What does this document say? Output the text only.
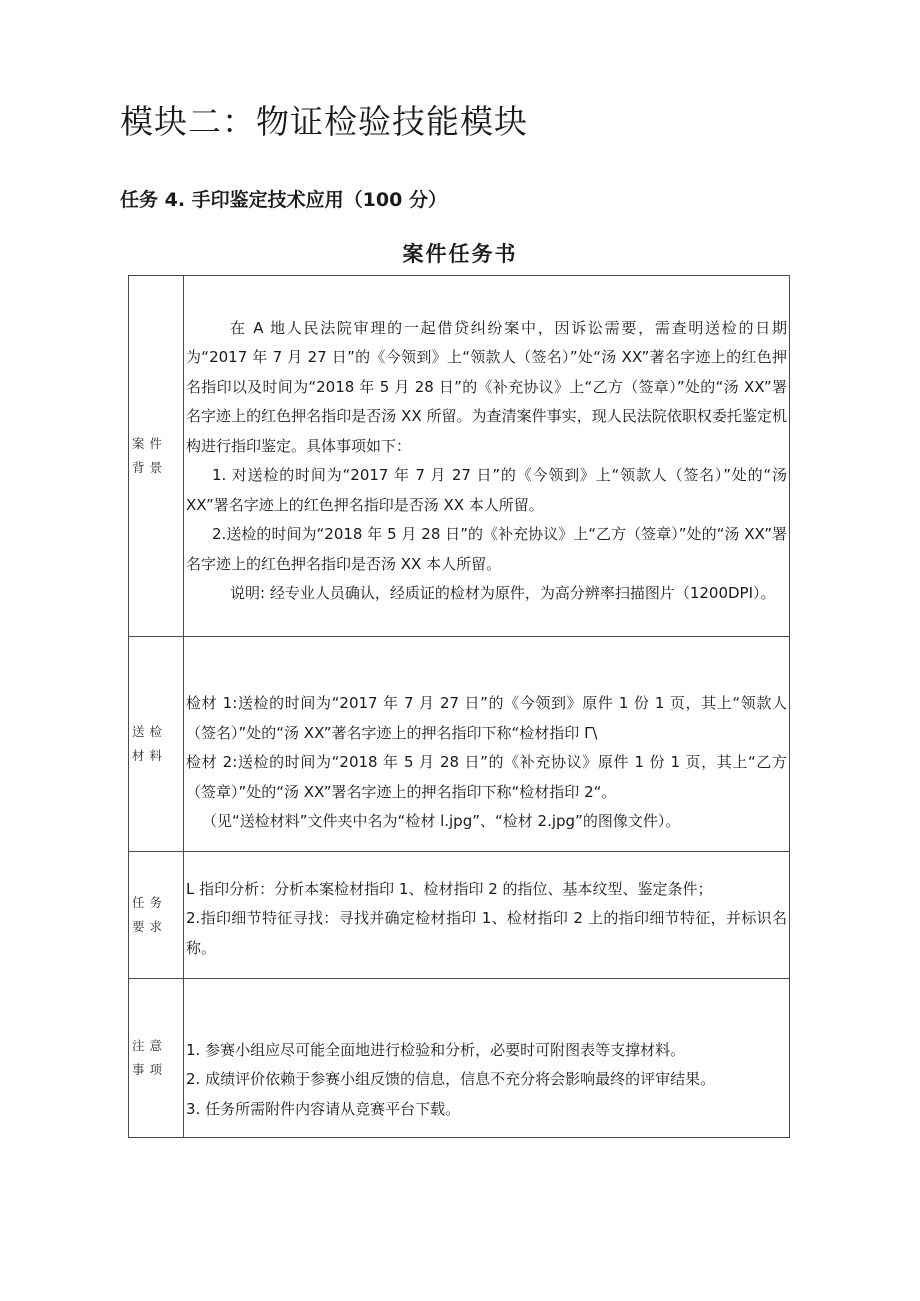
模块二：物证检验技能模块
任务 4. 手印鉴定技术应用（100 分）
案件任务书
案件背景	在 A 地人民法院审理的一起借贷纠纷案中，因诉讼需要，需查明送检的日期为“2017 年 7 月 27 日”的《今领到》上“领款人（签名）”处“汤 XX”著名字迹上的红色押名指印以及时间为“2018 年 5 月 28 日”的《补充协议》上“乙方（签章）”处的“汤 XX”署名字迹上的红色押名指印是否汤 XX 所留。为查清案件事实，现人民法院依职权委托鉴定机构进行指印鉴定。具体事项如下：

1. 对送检的时间为“2017 年 7 月 27 日”的《今领到》上“领款人（签名）”处的“汤 XX”署名字迹上的红色押名指印是否汤 XX 本人所留。

2.送检的时间为“2018 年 5 月 28 日”的《补充协议》上“乙方（签章）”处的“汤 XX”署名字迹上的红色押名指印是否汤 XX 本人所留。

说明: 经专业人员确认，经质证的检材为原件，为高分辨率扫描图片（1200DPI）。

送检材料	检材 1:送检的时间为“2017 年 7 月 27 日”的《今领到》原件 1 份 1 页，其上“领款人（签名）”处的“汤 XX”著名字迹上的押名指印下称“检材指印 Γ\

检材 2:送检的时间为“2018 年 5 月 28 日”的《补充协议》原件 1 份 1 页，其上“乙方（签章）”处的“汤 XX”署名字迹上的押名指印下称“检材指印 2“。

（见“送检材料”文件夹中名为“检材 l.jpg”、“检材 2.jpg”的图像文件）。

任务要求	L 指印分析：分析本案检材指印 1、检材指印 2 的指位、基本纹型、鉴定条件；

2.指印细节特征寻找：寻找并确定检材指印 1、检材指印 2 上的指印细节特征，并标识名称。

注意事项	1. 参赛小组应尽可能全面地进行检验和分析，必要时可附图表等支撑材料。

2. 成绩评价依赖于参赛小组反馈的信息，信息不充分将会影响最终的评审结果。

3. 任务所需附件内容请从竞赛平台下载。
